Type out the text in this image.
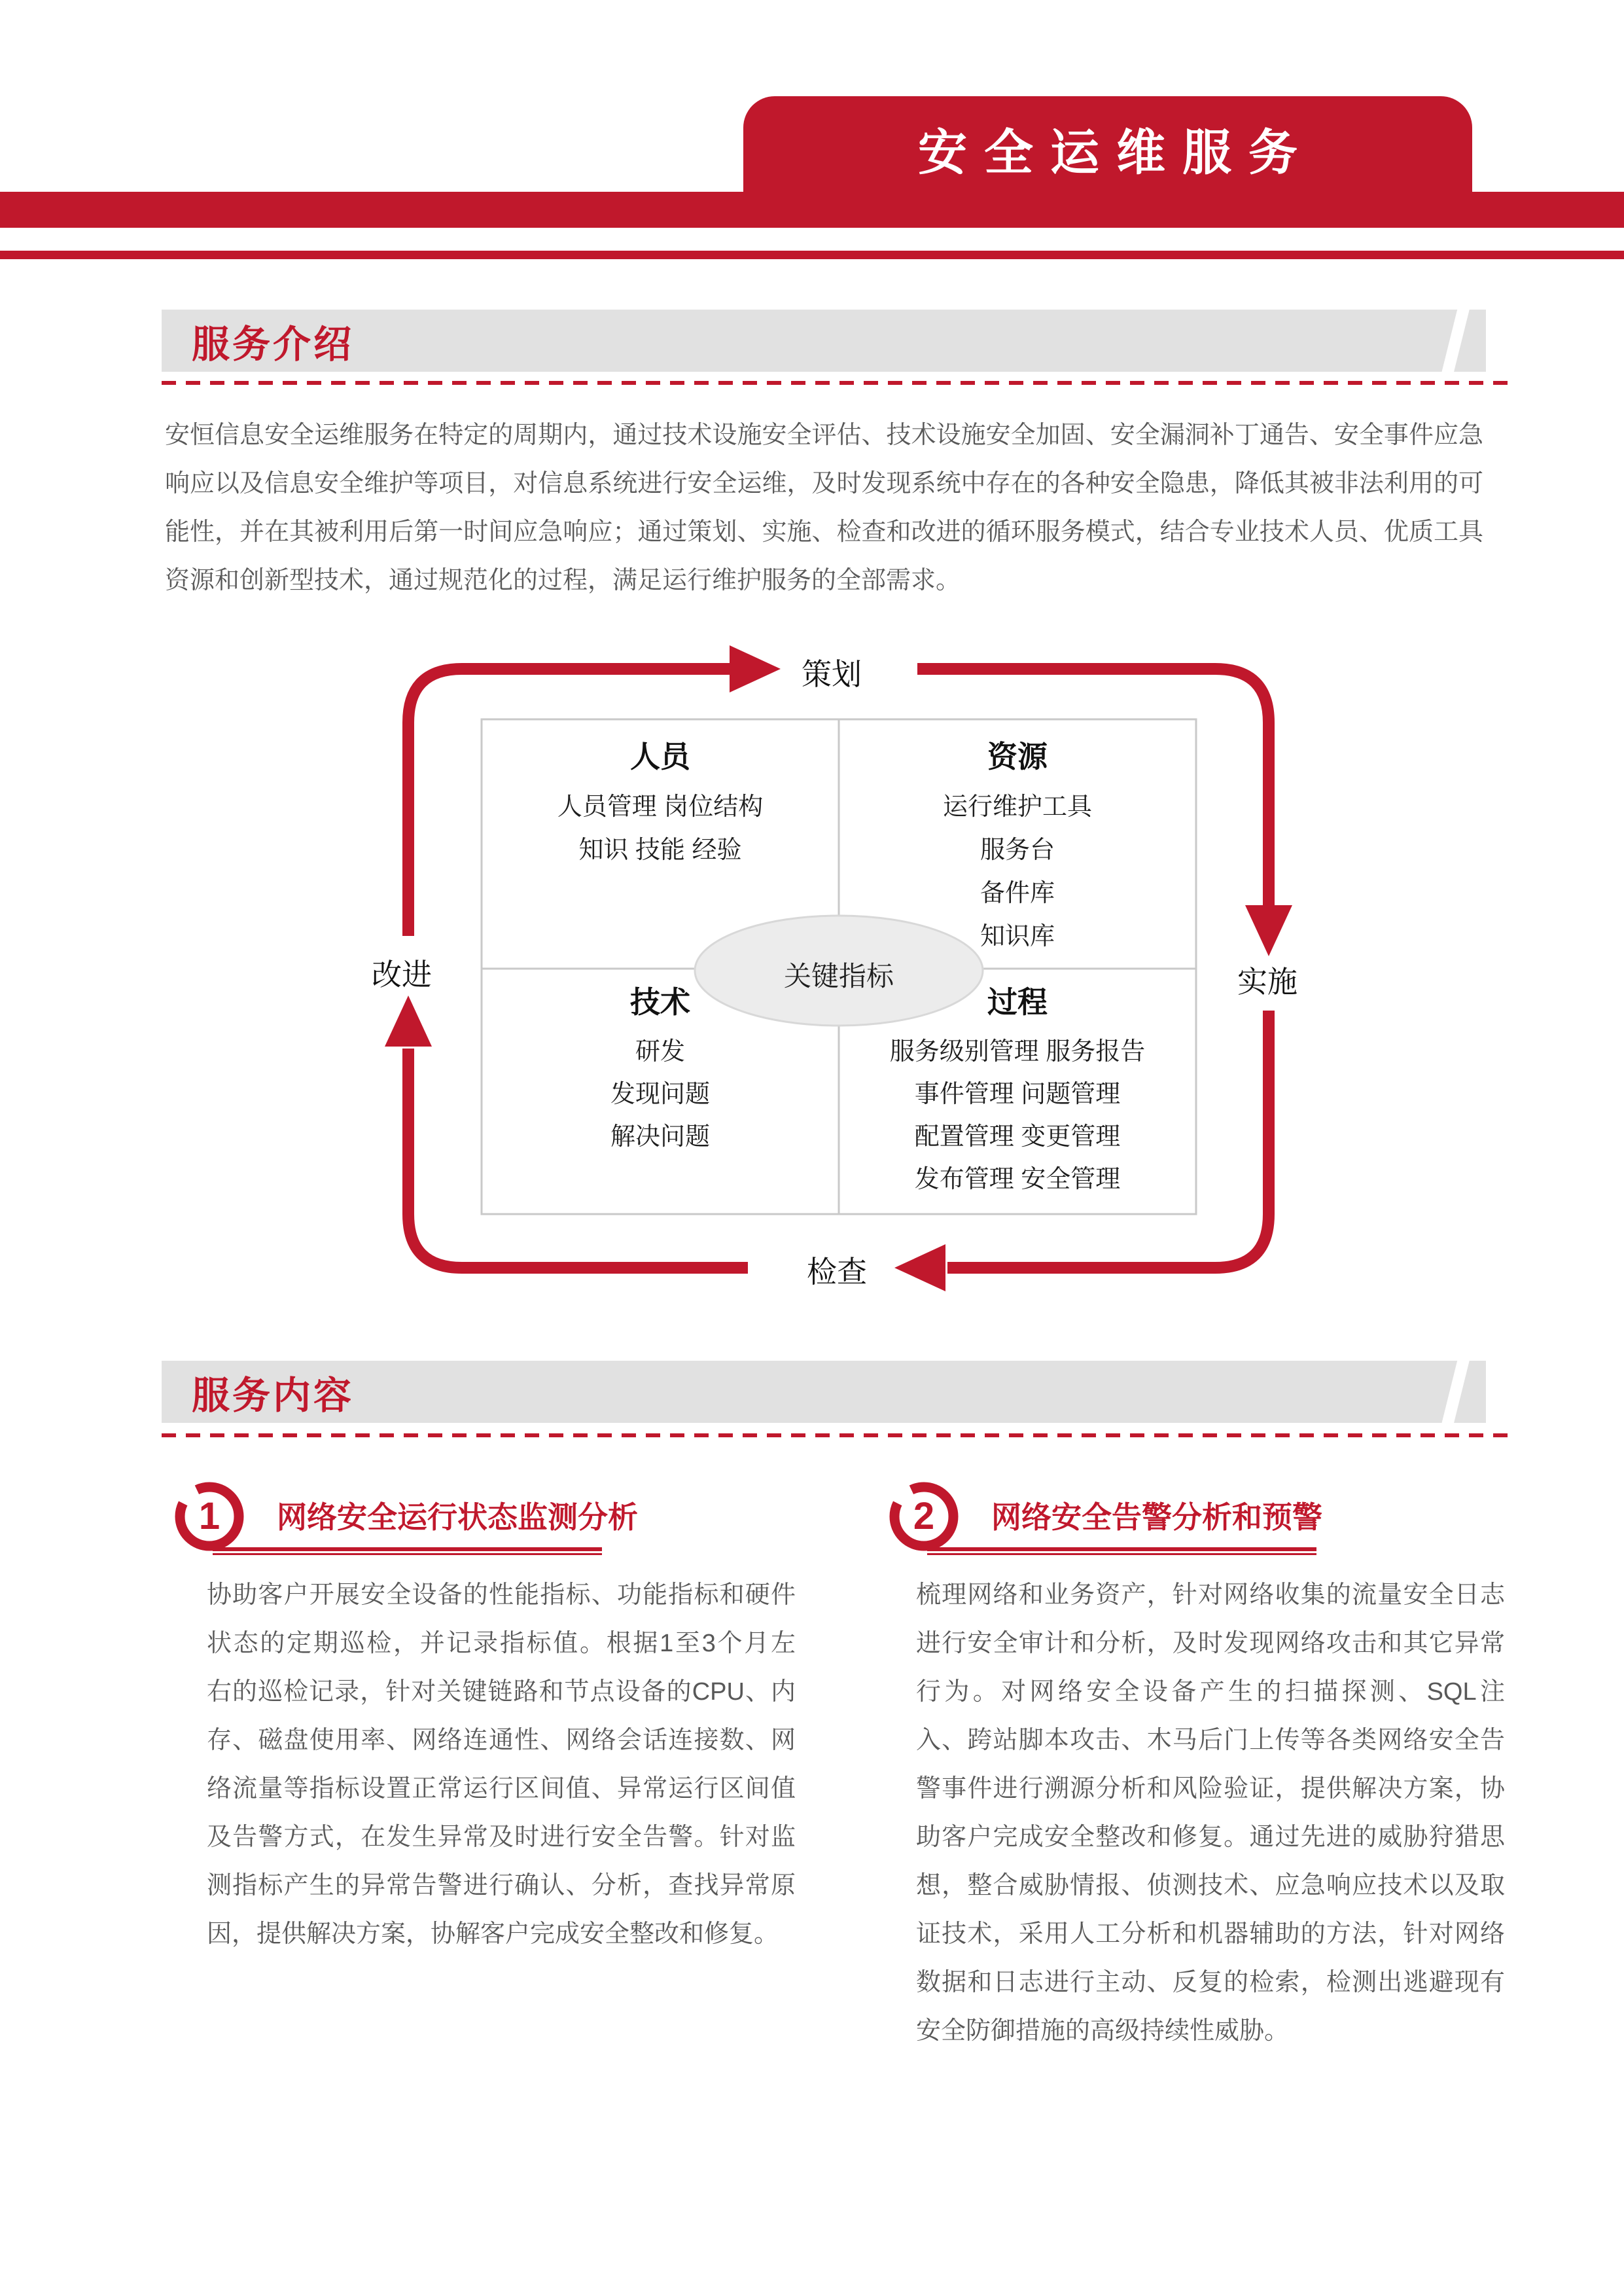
安全运维服务
服务介绍
安恒信息安全运维服务在特定的周期内，通过技术设施安全评估、技术设施安全加固、安全漏洞补丁通告、安全事件应急
响应以及信息安全维护等项目，对信息系统进行安全运维，及时发现系统中存在的各种安全隐患，降低其被非法利用的可
能性，并在其被利用后第一时间应急响应；通过策划、实施、检查和改进的循环服务模式，结合专业技术人员、优质工具
资源和创新型技术，通过规范化的过程，满足运行维护服务的全部需求。
策划
实施
检查
改进
人员
人员管理 岗位结构
知识 技能 经验
资源
运行维护工具
服务台
备件库
知识库
技术
研发
发现问题
解决问题
过程
服务级别管理 服务报告
事件管理 问题管理
配置管理 变更管理
发布管理 安全管理
关键指标
服务内容
1	网络安全运行状态监测分析
协助客户开展安全设备的性能指标、功能指标和硬件
状态的定期巡检，并记录指标值。根据1至3个月左
右的巡检记录，针对关键链路和节点设备的CPU、内
存、磁盘使用率、网络连通性、网络会话连接数、网
络流量等指标设置正常运行区间值、异常运行区间值
及告警方式，在发生异常及时进行安全告警。针对监
测指标产生的异常告警进行确认、分析，查找异常原
因，提供解决方案，协解客户完成安全整改和修复。
2	网络安全告警分析和预警
梳理网络和业务资产，针对网络收集的流量安全日志
进行安全审计和分析，及时发现网络攻击和其它异常
行为。对网络安全设备产生的扫描探测、SQL注
入、跨站脚本攻击、木马后门上传等各类网络安全告
警事件进行溯源分析和风险验证，提供解决方案，协
助客户完成安全整改和修复。通过先进的威胁狩猎思
想，整合威胁情报、侦测技术、应急响应技术以及取
证技术，采用人工分析和机器辅助的方法，针对网络
数据和日志进行主动、反复的检索，检测出逃避现有
安全防御措施的高级持续性威胁。
